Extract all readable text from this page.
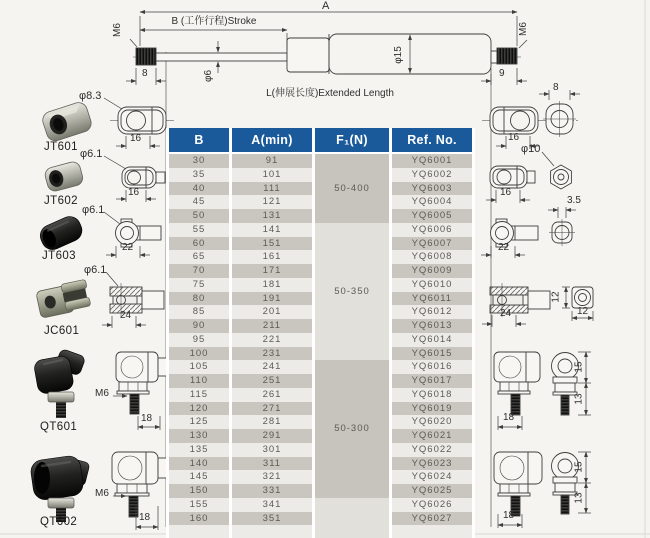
A
B (工作行程)Stroke
M6	M6
φ6
φ15
8	9
L(伸展长度)Extended Length
16	16
8
φ8.3
JT601
φ6.1
JT602
16	16
φ10
φ6.1
JT603
22	22
3.5
φ6.1
JC601
24	24
12
12
M6
QT601
18	18
15
13
M6
QT602	18	18
15
13
B	A(min)	F₁(N)	Ref. No.
30	91	50-400	YQ6001
35	101		YQ6002
40	111		YQ6003
45	121		YQ6004
50	131		YQ6005
55	141	50-350	YQ6006
60	151		YQ6007
65	161		YQ6008
70	171		YQ6009
75	181		YQ6010
80	191		YQ6011
85	201		YQ6012
90	211		YQ6013
95	221		YQ6014
100	231		YQ6015
105	241	50-300	YQ6016
110	251		YQ6017
115	261		YQ6018
120	271		YQ6019
125	281		YQ6020
130	291		YQ6021
135	301		YQ6022
140	311		YQ6023
145	321		YQ6024
150	331		YQ6025
155	341		YQ6026
160	351		YQ6027
